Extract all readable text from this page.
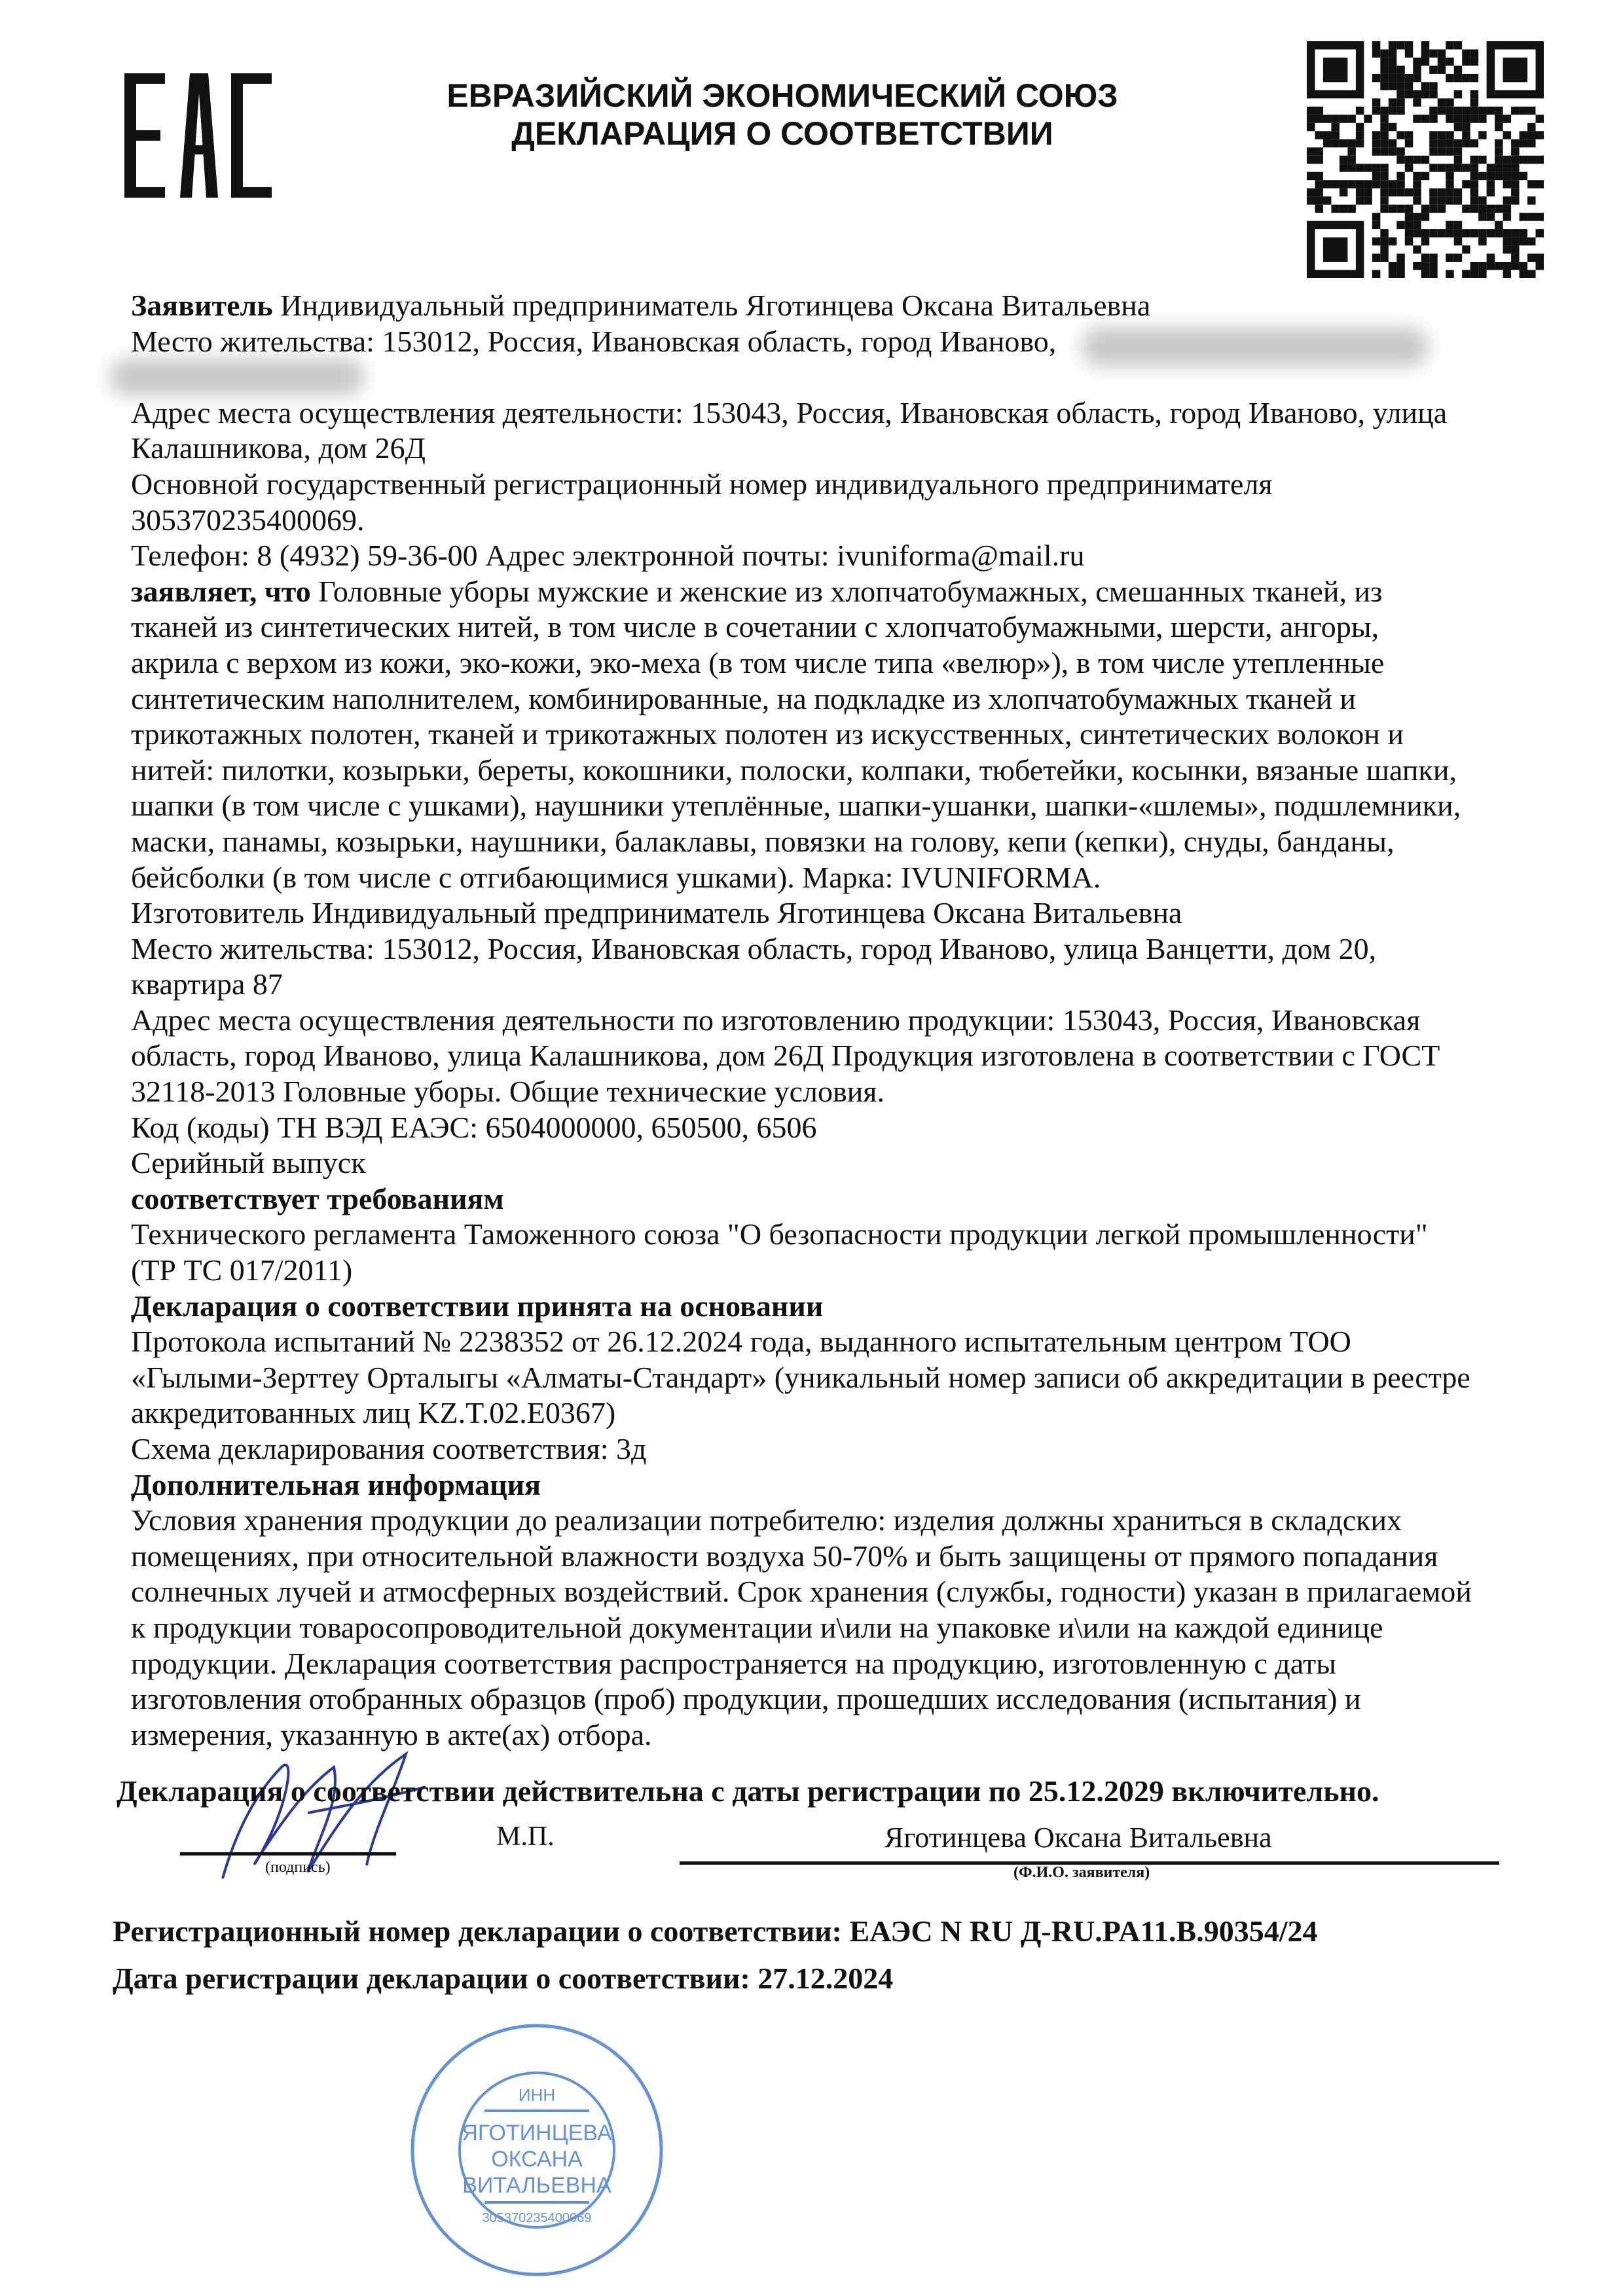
ЕВРАЗИЙСКИЙ ЭКОНОМИЧЕСКИЙ СОЮЗ
ДЕКЛАРАЦИЯ О СООТВЕТСТВИИ
Заявитель Индивидуальный предприниматель Яготинцева Оксана Витальевна
Место жительства: 153012, Россия, Ивановская область, город Иваново,
Адрес места осуществления деятельности: 153043, Россия, Ивановская область, город Иваново, улица
Калашникова, дом 26Д
Основной государственный регистрационный номер индивидуального предпринимателя
305370235400069.
Телефон: 8 (4932) 59-36-00 Адрес электронной почты: ivuniforma@mail.ru
заявляет, что Головные уборы мужские и женские из хлопчатобумажных, смешанных тканей, из
тканей из синтетических нитей, в том числе в сочетании с хлопчатобумажными, шерсти, ангоры,
акрила с верхом из кожи, эко-кожи, эко-меха (в том числе типа «велюр»), в том числе утепленные
синтетическим наполнителем, комбинированные, на подкладке из хлопчатобумажных тканей и
трикотажных полотен, тканей и трикотажных полотен из искусственных, синтетических волокон и
нитей: пилотки, козырьки, береты, кокошники, полоски, колпаки, тюбетейки, косынки, вязаные шапки,
шапки (в том числе с ушками), наушники утеплённые, шапки-ушанки, шапки-«шлемы», подшлемники,
маски, панамы, козырьки, наушники, балаклавы, повязки на голову, кепи (кепки), снуды, банданы,
бейсболки (в том числе с отгибающимися ушками). Марка: IVUNIFORMA.
Изготовитель Индивидуальный предприниматель Яготинцева Оксана Витальевна
Место жительства: 153012, Россия, Ивановская область, город Иваново, улица Ванцетти, дом 20,
квартира 87
Адрес места осуществления деятельности по изготовлению продукции: 153043, Россия, Ивановская
область, город Иваново, улица Калашникова, дом 26Д Продукция изготовлена в соответствии с ГОСТ
32118-2013 Головные уборы. Общие технические условия.
Код (коды) ТН ВЭД ЕАЭС: 6504000000, 650500, 6506
Серийный выпуск
соответствует требованиям
Технического регламента Таможенного союза "О безопасности продукции легкой промышленности"
(ТР ТС 017/2011)
Декларация о соответствии принята на основании
Протокола испытаний № 2238352 от 26.12.2024 года, выданного испытательным центром ТОО
«Гылыми-Зерттеу Орталыгы «Алматы-Стандарт» (уникальный номер записи об аккредитации в реестре
аккредитованных лиц KZ.T.02.E0367)
Схема декларирования соответствия: 3д
Дополнительная информация
Условия хранения продукции до реализации потребителю: изделия должны храниться в складских
помещениях, при относительной влажности воздуха 50-70% и быть защищены от прямого попадания
солнечных лучей и атмосферных воздействий. Срок хранения (службы, годности) указан в прилагаемой
к продукции товаросопроводительной документации и\или на упаковке и\или на каждой единице
продукции. Декларация соответствия распространяется на продукцию, изготовленную с даты
изготовления отобранных образцов (проб) продукции, прошедших исследования (испытания) и
измерения, указанную в акте(ах) отбора.
ИНН
ЯГОТИНЦЕВА
ОКСАНА
ВИТАЛЬЕВНА
305370235400069
Декларация о соответствии действительна с даты регистрации по 25.12.2029 включительно.
М.П.	Яготинцева Оксана Витальевна
(подпись)	(Ф.И.О. заявителя)
Регистрационный номер декларации о соответствии: ЕАЭС N RU Д-RU.PA11.B.90354/24
Дата регистрации декларации о соответствии: 27.12.2024
